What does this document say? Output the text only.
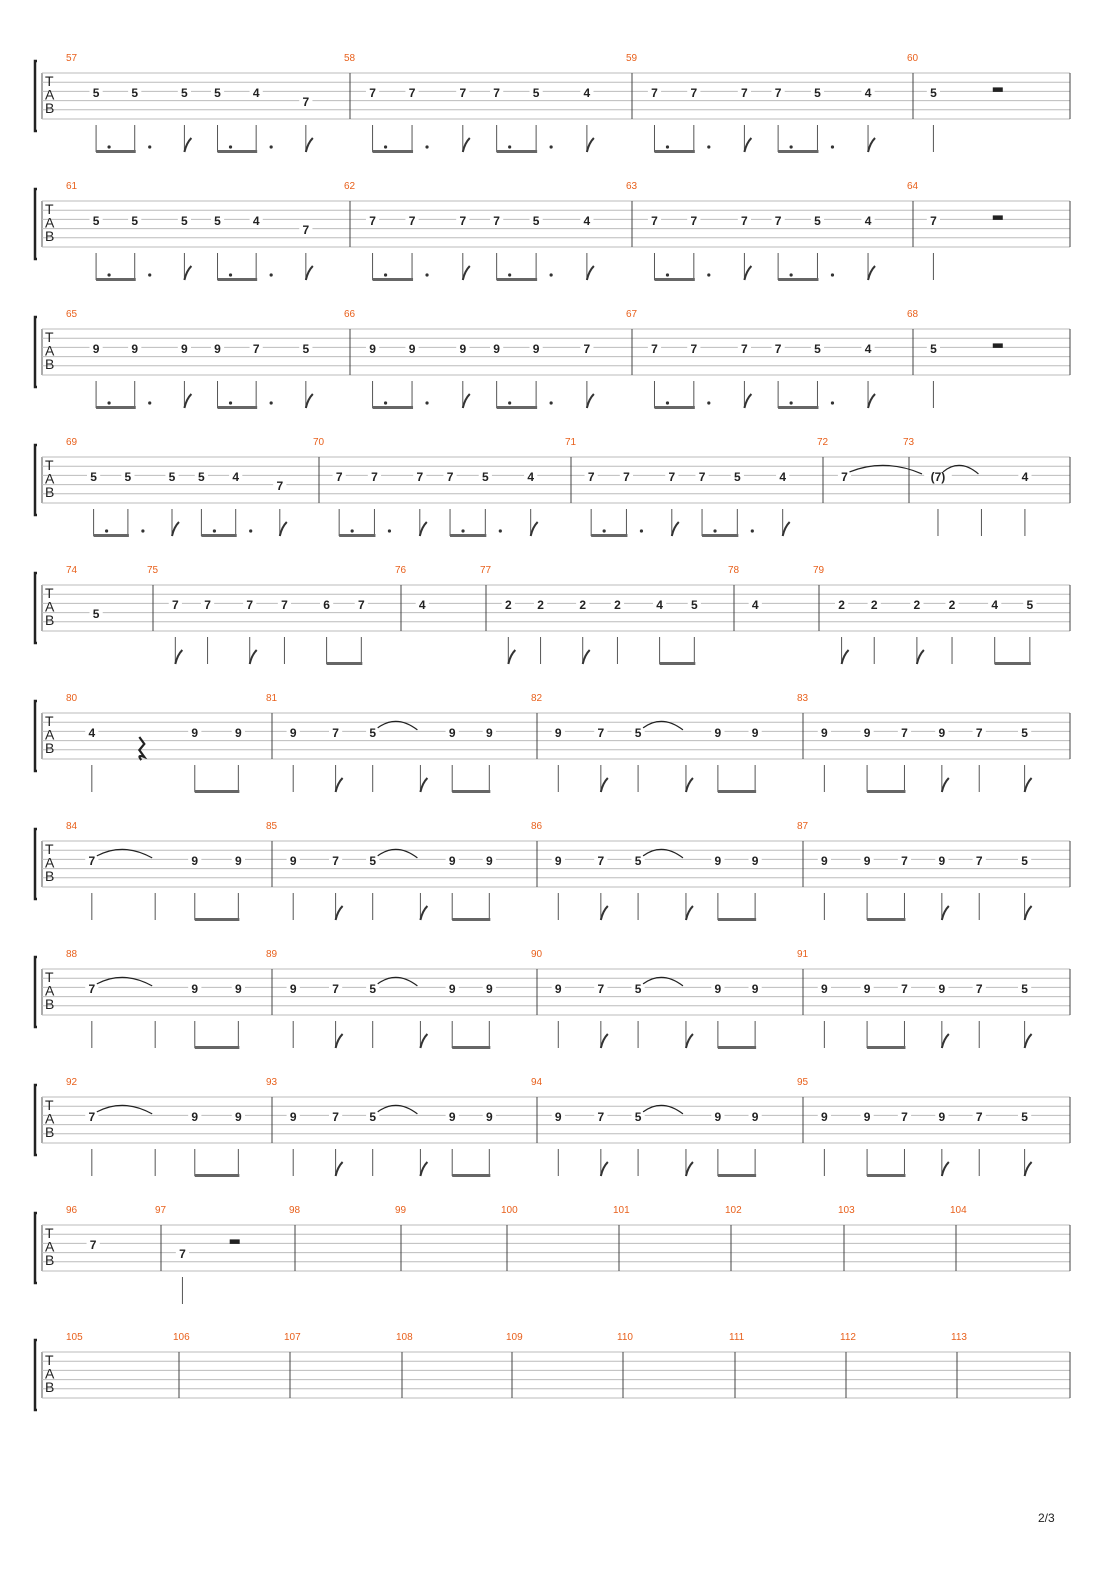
T
A
B
57
5	5	5 5	4
7
58
7	7	7 7	5	4
59
7	7	7 7	5	4
60
5
T
A
B
61
5	5	5 5	4
7
62
7	7	7 7	5	4
63
7	7	7 7	5	4
64
7
T
A
B
65
9	9	9 9	7	5
66
9	9	9 9	9	7
67
7	7	7 7	5	4
68
5
T
A
B
69
5 5	5 5 4
7
70
7 7	7 7 5	4
71
7 7	7 7 5	4
72
7
73
(7)	4
T
A
B
74
5
75
7 7	7 7	6 7
76
4
77
2 2	2 2	4 5
78
4
79
2 2	2 2	4 5
T
A
B
80
4	9	9
81
9	7	5	9	9
82
9	7	5	9	9
83
9	9	7	9	7	5
T
A
B
84
7	9	9
85
9	7	5	9	9
86
9	7	5	9	9
87
9	9	7	9	7	5
T
A
B
88
7	9	9
89
9	7	5	9	9
90
9	7	5	9	9
91
9	9	7	9	7	5
T
A
B
92
7	9	9
93
9	7	5	9	9
94
9	7	5	9	9
95
9	9	7	9	7	5
T
A
B
96
7
97
7
98	99	100	101	102	103	104
T
A
B
105	106	107	108	109	110	111	112	113
2/3
